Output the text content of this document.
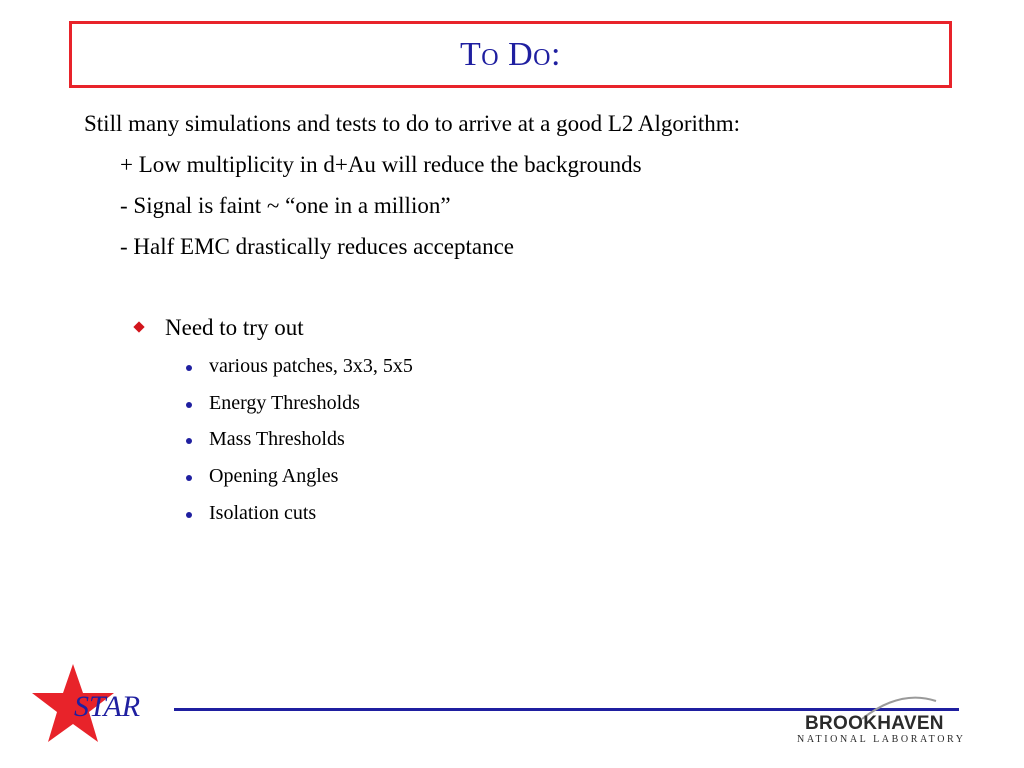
To Do:
Still many simulations and tests to do to arrive at a good L2 Algorithm:
+ Low multiplicity in d+Au will reduce the backgrounds
- Signal is faint ~ “one in a million”
- Half EMC drastically reduces acceptance
Need to try out
various patches, 3x3, 5x5
Energy Thresholds
Mass Thresholds
Opening Angles
Isolation cuts
STAR
BROOKHAVEN
NATIONAL LABORATORY
